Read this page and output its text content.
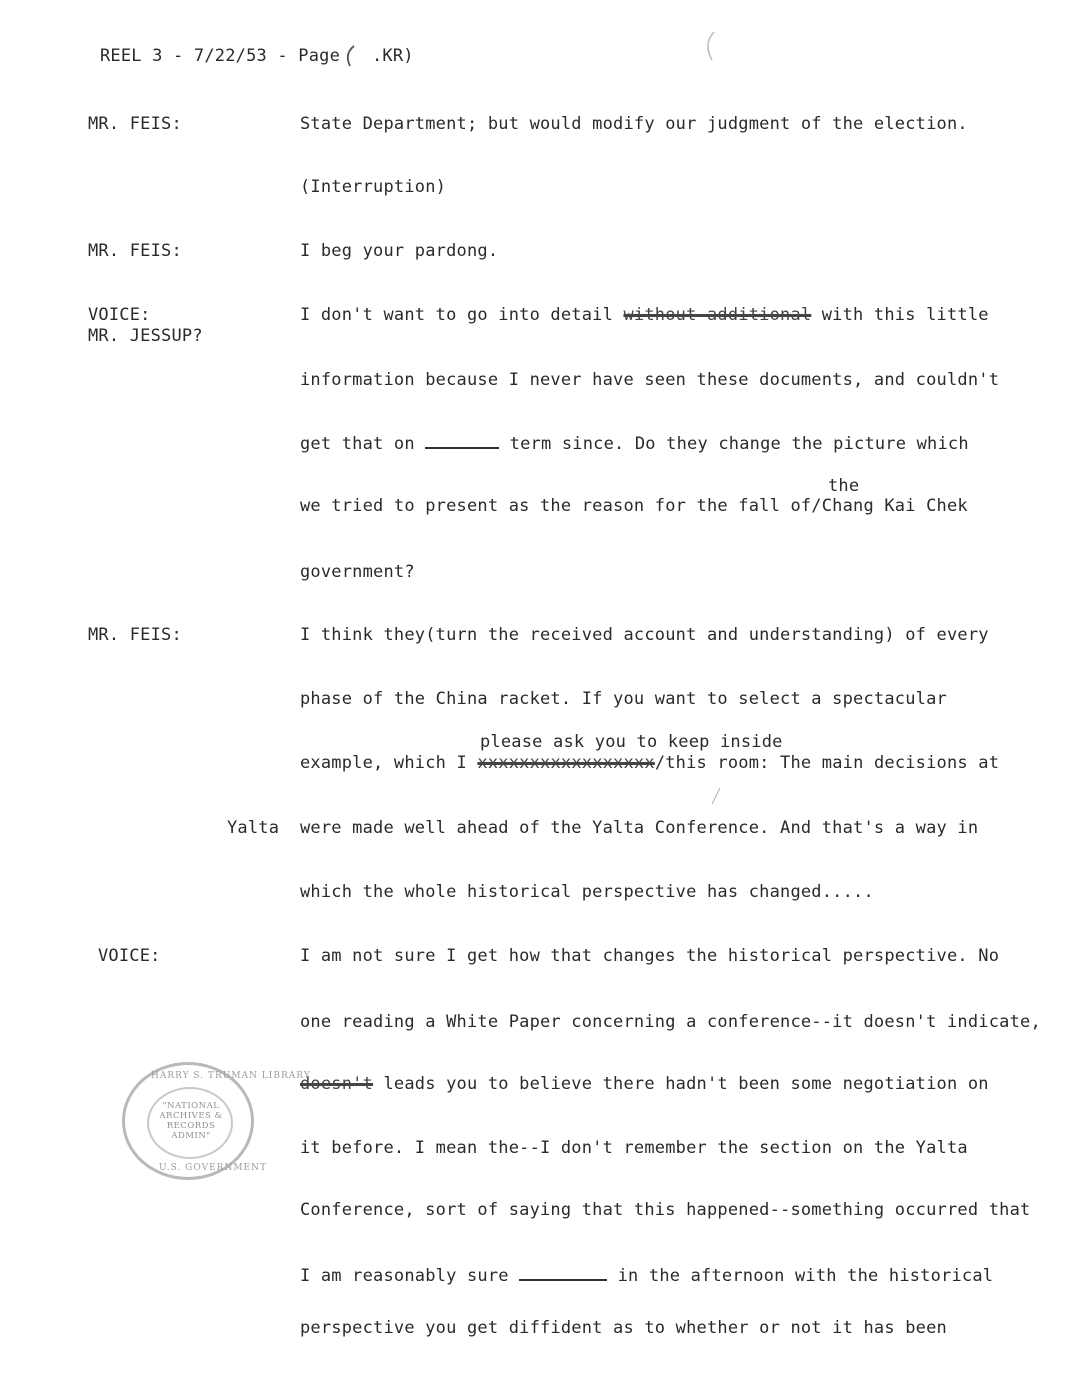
REEL 3 - 7/22/53 - Page .KR)
MR. FEIS:	State Department; but would modify our judgment of the election.
(Interruption)
MR. FEIS:	I beg your pardong.
VOICE:
MR. JESSUP?
I don't want to go into detail without additional with this little
information because I never have seen these documents, and couldn't
get that on	term since. Do they change the picture which
the
we tried to present as the reason for the fall of/Chang Kai Chek
government?
MR. FEIS:	I think they(turn the received account and understanding) of every
phase of the China racket. If you want to select a spectacular
please ask you to keep inside
example, which I xxxxxxxxxxxxxxxxx/this room: The main decisions at
Yalta were made well ahead of the Yalta Conference. And that's a way in
which the whole historical perspective has changed.....
VOICE:	I am not sure I get how that changes the historical perspective. No
one reading a White Paper concerning a conference--it doesn't indicate,
doesn't leads you to believe there hadn't been some negotiation on
it before. I mean the--I don't remember the section on the Yalta
Conference, sort of saying that this happened--something occurred that
I am reasonably sure	in the afternoon with the historical
perspective you get diffident as to whether or not it has been
HARRY S. TRUMAN LIBRARY
"NATIONAL
ARCHIVES &
RECORDS
ADMIN"
U.S. GOVERNMENT
